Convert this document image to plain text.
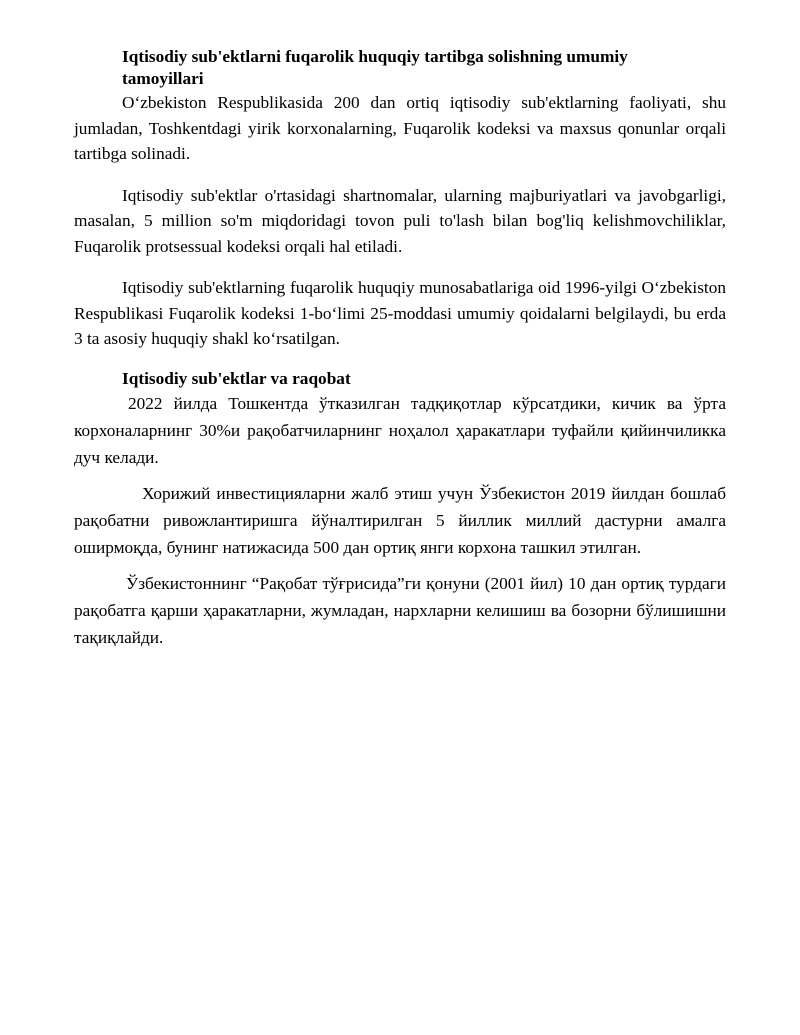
Iqtisodiy sub'ektlarni fuqarolik huquqiy tartibga solishning umumiy tamoyillari

O‘zbekiston Respublikasida 200 dan ortiq iqtisodiy sub'ektlarning faoliyati, shu jumladan, Toshkentdagi yirik korxonalarning, Fuqarolik kodeksi va maxsus qonunlar orqali tartibga solinadi.

Iqtisodiy sub'ektlar o'rtasidagi shartnomalar, ularning majburiyatlari va javobgarligi, masalan, 5 million so'm miqdoridagi tovon puli to'lash bilan bog'liq kelishmovchiliklar, Fuqarolik protsessual kodeksi orqali hal etiladi.

Iqtisodiy sub'ektlarning fuqarolik huquqiy munosabatlariga oid 1996-yilgi O‘zbekiston Respublikasi Fuqarolik kodeksi 1-bo‘limi 25-moddasi umumiy qoidalarni belgilaydi, bu erda 3 ta asosiy huquqiy shakl ko‘rsatilgan.

Iqtisodiy sub'ektlar va raqobat

2022 йилда Тошкентда ўтказилган тадқиқотлар кўрсатдики, кичик ва ўрта корхоналарнинг 30%и рақобатчиларнинг ноҳалол ҳаракатлари туфайли қийинчиликка дуч келади.

Хорижий инвестицияларни жалб этиш учун Ўзбекистон 2019 йилдан бошлаб рақобатни ривожлантиришга йўналтирилган 5 йиллик миллий дастурни амалга оширмоқда, бунинг натижасида 500 дан ортиқ янги корхона ташкил этилган.

Ўзбекистоннинг “Рақобат тўғрисида”ги қонуни (2001 йил) 10 дан ортиқ турдаги рақобатга қарши ҳаракатларни, жумладан, нархларни келишиш ва бозорни бўлишишни тақиқлайди.
